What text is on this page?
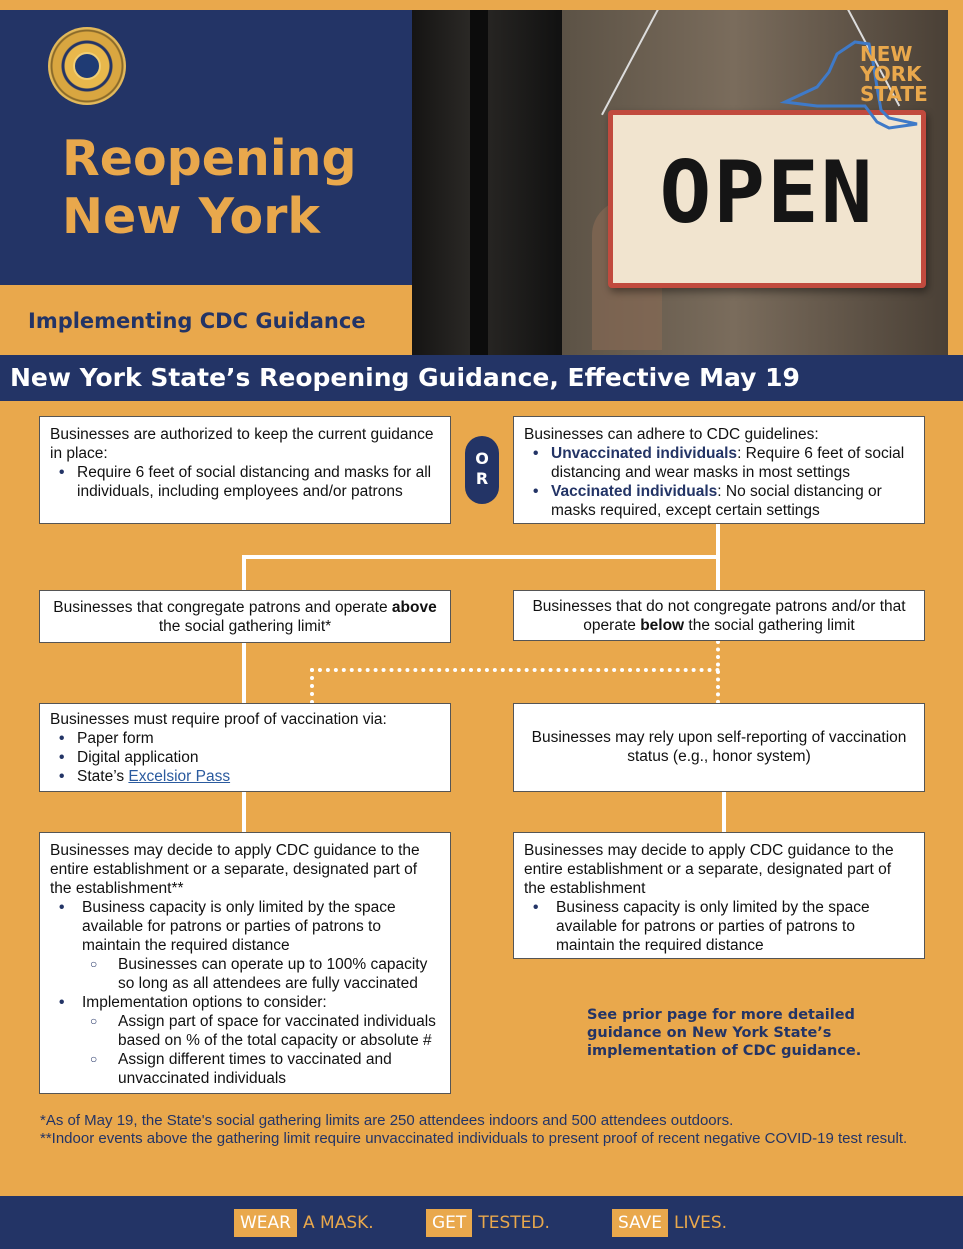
Reopening
New York
Implementing CDC Guidance
OPEN
NEW
YORK
STATE
New York State’s Reopening Guidance, Effective May 19
Businesses are authorized to keep the current guidance in place:
• Require 6 feet of social distancing and masks for all individuals, including employees and/or patrons
O
R
Businesses that congregate patrons and operate above the social gathering limit*
Businesses must require proof of vaccination via:
• Paper form
• Digital application
• State’s Excelsior Pass
Businesses may decide to apply CDC guidance to the entire establishment or a separate, designated part of the establishment**
• Business capacity is only limited by the space available for patrons or parties of patrons to maintain the required distance
○ Businesses can operate up to 100% capacity so long as all attendees are fully vaccinated
• Implementation options to consider:
○ Assign part of space for vaccinated individuals based on % of the total capacity or absolute #
○ Assign different times to vaccinated and unvaccinated individuals
Businesses can adhere to CDC guidelines:
• Unvaccinated individuals: Require 6 feet of social distancing and wear masks in most settings
• Vaccinated individuals: No social distancing or masks required, except certain settings
Businesses that do not congregate patrons and/or that operate below the social gathering limit
Businesses may rely upon self-reporting of vaccination status (e.g., honor system)
Businesses may decide to apply CDC guidance to the entire establishment or a separate, designated part of the establishment
• Business capacity is only limited by the space available for patrons or parties of patrons to maintain the required distance
See prior page for more detailed guidance on New York State’s implementation of CDC guidance.
*As of May 19, the State's social gathering limits are 250 attendees indoors and 500 attendees outdoors.
**Indoor events above the gathering limit require unvaccinated individuals to present proof of recent negative COVID-19 test result.
WEAR A MASK.	GET TESTED.	SAVE LIVES.
